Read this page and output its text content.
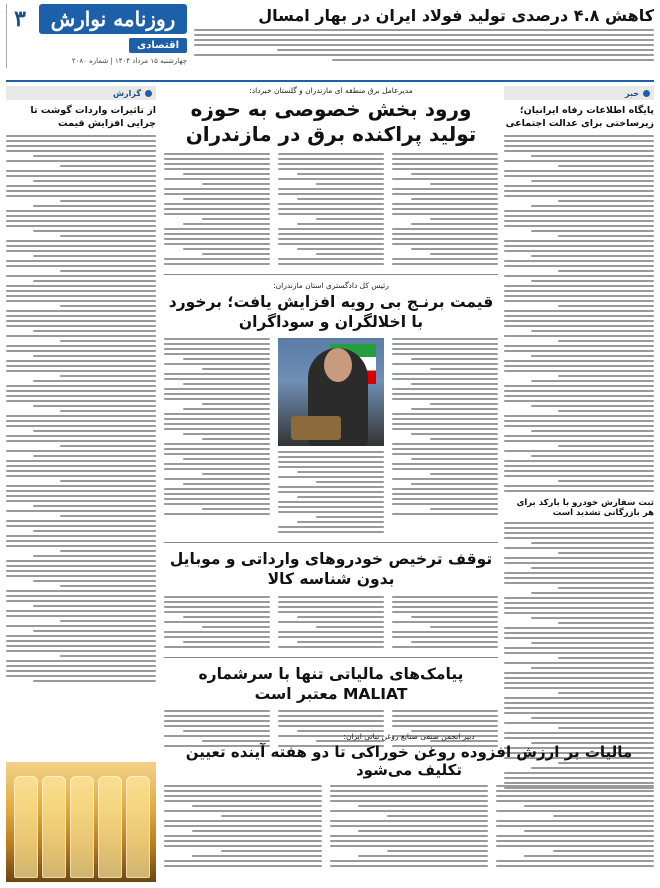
روزنامه نوارش
۳
اقتصادی
چهارشنبه ۱۵ مرداد ۱۴۰۴ | شماره ۲۰۸۰
کاهش ۴.۸ درصدی تولید فولاد ایران در بهار امسال
خبر
پایگاه اطلاعات رفاه ایرانیان؛ زیرساختی برای عدالت اجتماعی
ثبت سفارش خودرو با بارکد برای هر بازرگانی تشدید است
گزارش
از تاثیرات واردات گوشت تا چرایی افزایش قیمت
مدیرعامل برق منطقه ای مازندران و گلستان خبرداد:
ورود بخش خصوصی به حوزه تولید پراکنده برق در مازندران
رئیس کل دادگستری استان مازندران:
قیمت برنـج بی رویه افزایش یافت؛ برخورد با اخلالگران و سوداگران
توقف ترخیص خودروهای وارداتی و موبایل بدون شناسه کالا
پیامک‌های مالیاتی تنها با سرشماره MALIAT معتبر است
دبیر انجمن صنفی صنایع روغن نباتی ایران:
مالیات بر ارزش افزوده روغن خوراکی تا دو هفته آینده تعیین تکلیف می‌شود
